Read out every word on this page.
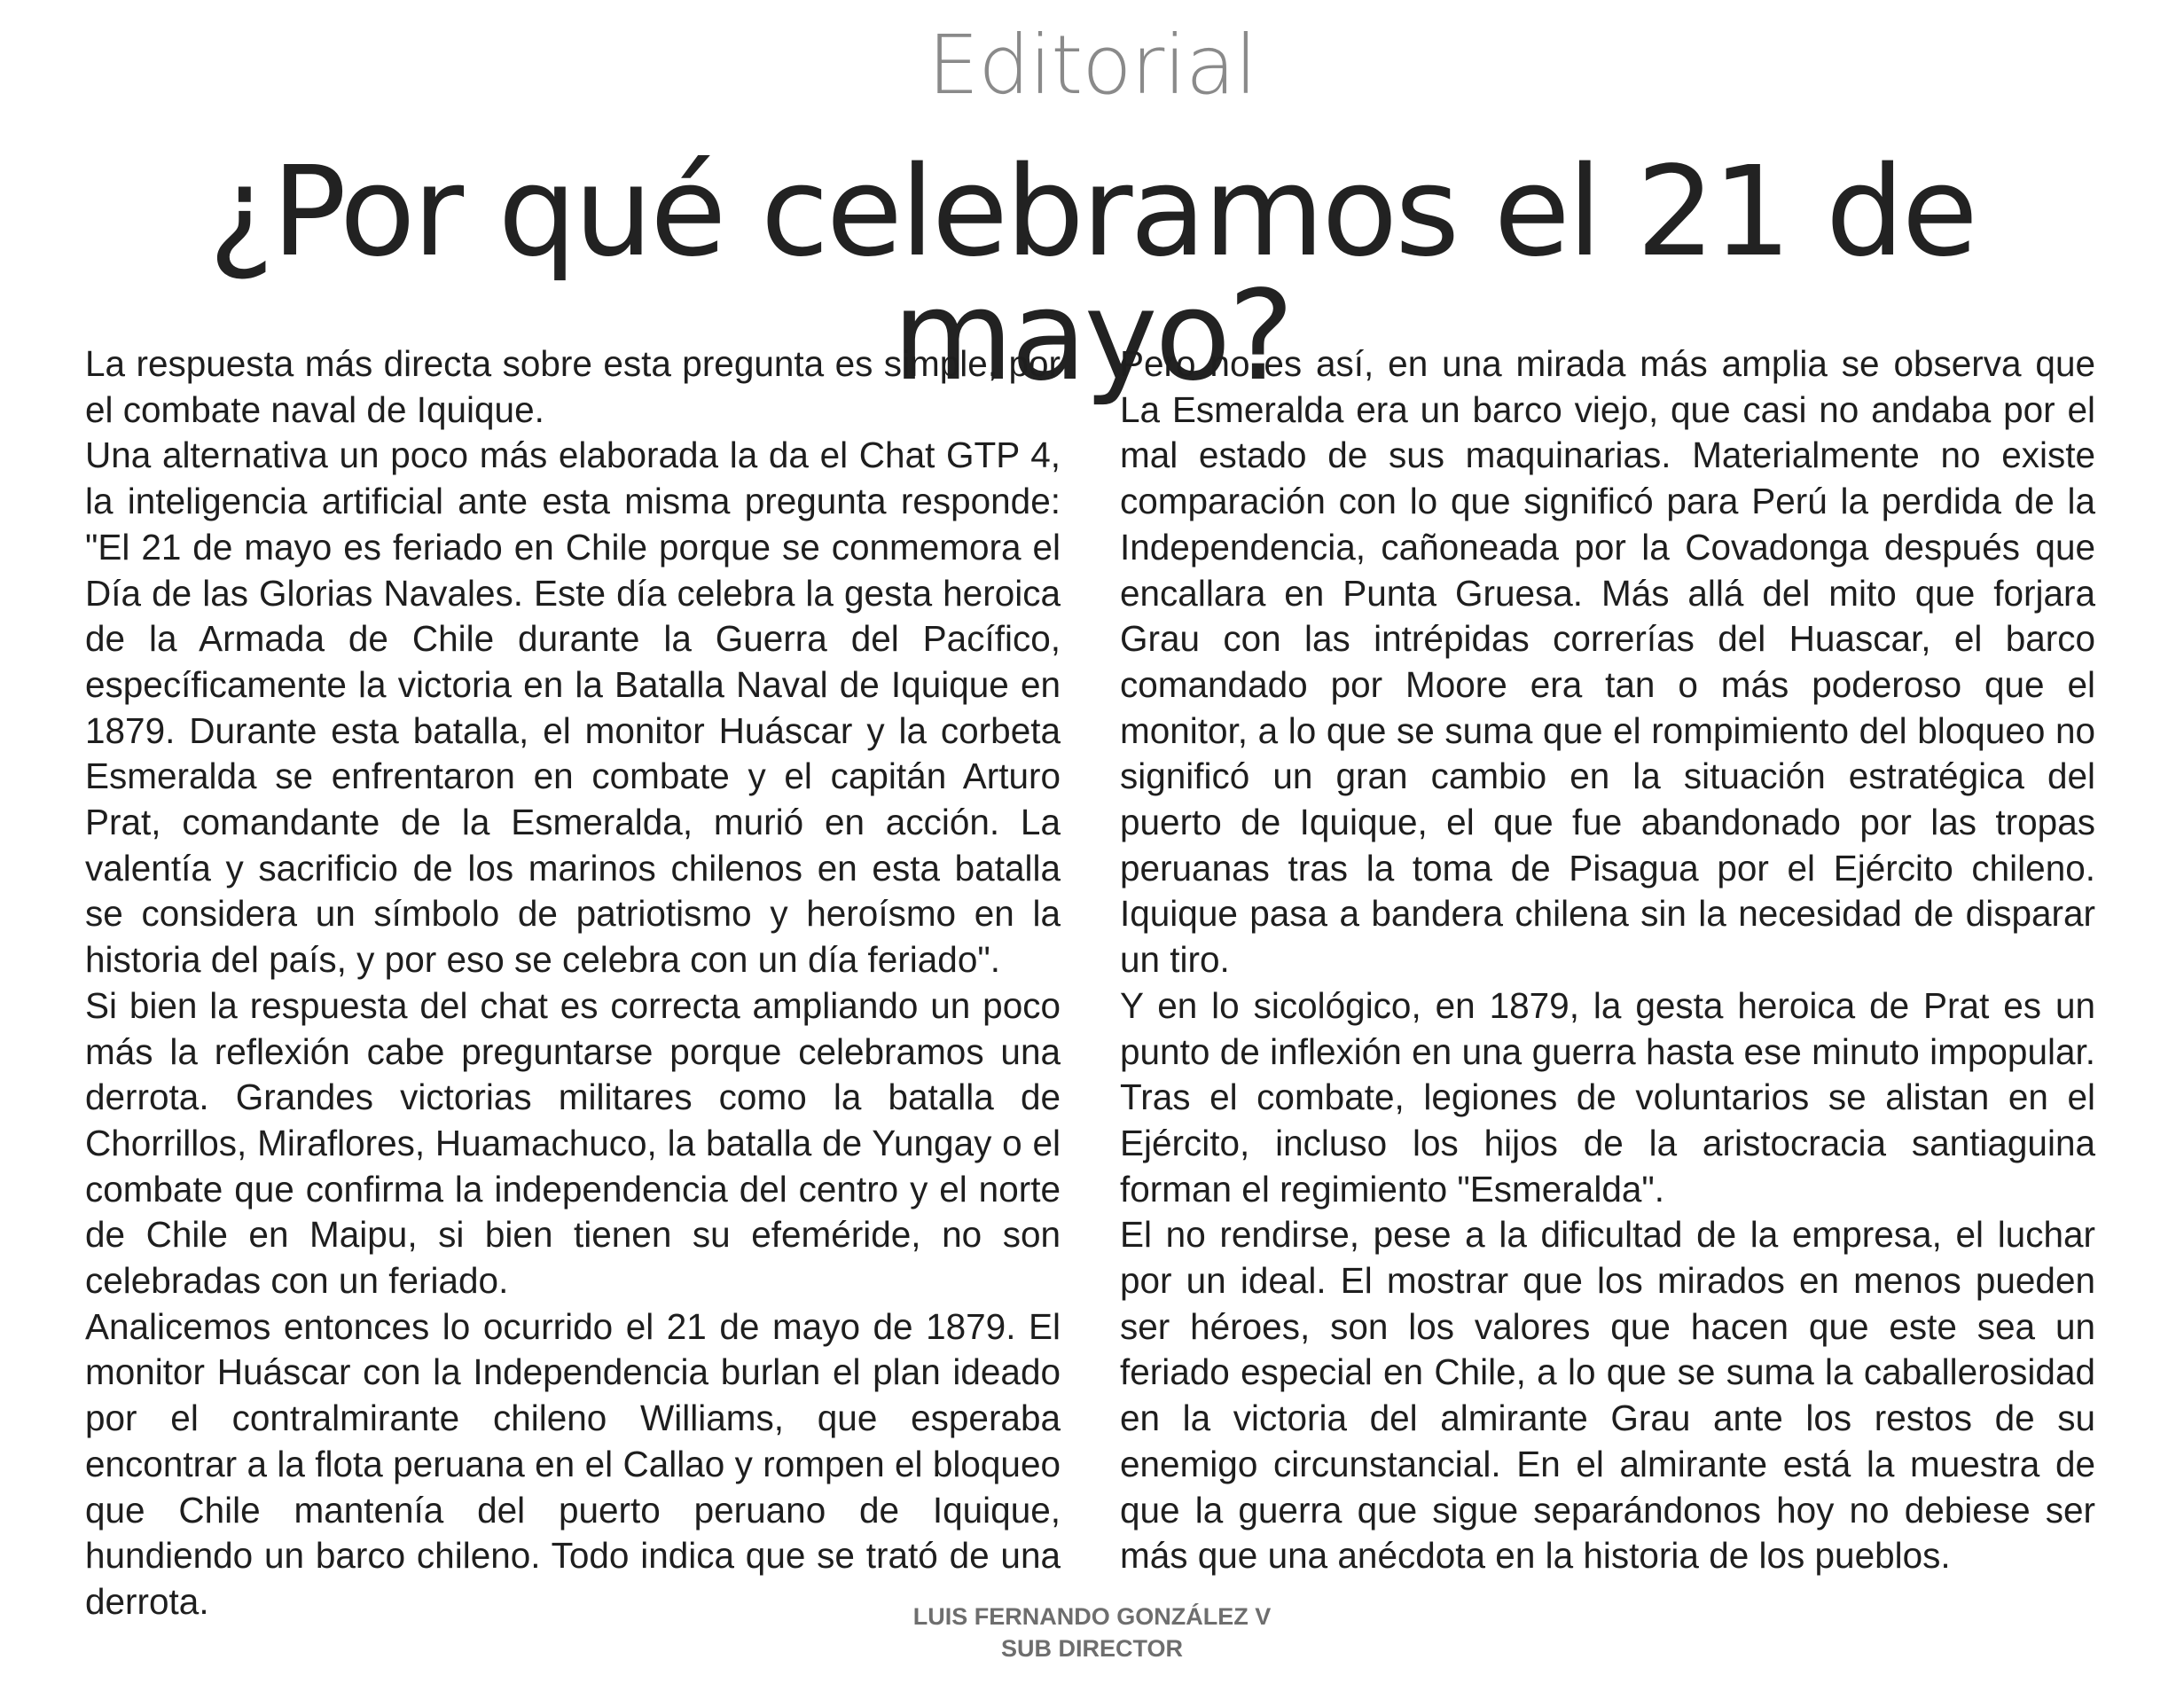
Editorial
¿Por qué celebramos el 21 de mayo?

La respuesta más directa sobre esta pregunta es simple, por el combate naval de Iquique.

Una alternativa un poco más elaborada la da el Chat GTP 4, la inteligencia artificial ante esta misma pregunta responde: "El 21 de mayo es feriado en Chile porque se conmemora el Día de las Glorias Navales. Este día celebra la gesta heroica de la Armada de Chile durante la Guerra del Pacífico, específicamente la victoria en la Batalla Naval de Iquique en 1879. Durante esta batalla, el monitor Huáscar y la corbeta Esmeralda se enfrentaron en combate y el capitán Arturo Prat, comandante de la Esmeralda, murió en acción. La valentía y sacrificio de los marinos chilenos en esta batalla se considera un símbolo de patriotismo y heroísmo en la historia del país, y por eso se celebra con un día feriado".

Si bien la respuesta del chat es correcta ampliando un poco más la reflexión cabe preguntarse porque celebramos una derrota. Grandes victorias militares como la batalla de Chorrillos, Miraflores, Huamachuco, la batalla de Yungay o el combate que confirma la independencia del centro y el norte de Chile en Maipu, si bien tienen su efeméride, no son celebradas con un feriado.

Analicemos entonces lo ocurrido el 21 de mayo de 1879. El monitor Huáscar con la Independencia burlan el plan ideado por el contralmirante chileno Williams, que esperaba encontrar a la flota peruana en el Callao y rompen el bloqueo que Chile mantenía del puerto peruano de Iquique, hundiendo un barco chileno. Todo indica que se trató de una derrota.

Pero no es así, en una mirada más amplia se observa que La Esmeralda era un barco viejo, que casi no andaba por el mal estado de sus maquinarias. Materialmente no existe comparación con lo que significó para Perú la perdida de la Independencia, cañoneada por la Covadonga después que encallara en Punta Gruesa. Más allá del mito que forjara Grau con las intrépidas correrías del Huascar, el barco comandado por Moore era tan o más poderoso que el monitor, a lo que se suma que el rompimiento del bloqueo no significó un gran cambio en la situación estratégica del puerto de Iquique, el que fue abandonado por las tropas peruanas tras la toma de Pisagua por el Ejército chileno. Iquique pasa a bandera chilena sin la necesidad de disparar un tiro.

Y en lo sicológico, en 1879, la gesta heroica de Prat es un punto de inflexión en una guerra hasta ese minuto impopular. Tras el combate, legiones de voluntarios se alistan en el Ejército, incluso los hijos de la aristocracia santiaguina forman el regimiento "Esmeralda".

El no rendirse, pese a la dificultad de la empresa, el luchar por un ideal. El mostrar que los mirados en menos pueden ser héroes, son los valores que hacen que este sea un feriado especial en Chile, a lo que se suma la caballerosidad en la victoria del almirante Grau ante los restos de su enemigo circunstancial. En el almirante está la muestra de que la guerra que sigue separándonos hoy no debiese ser más que una anécdota en la historia de los pueblos.

LUIS FERNANDO GONZÁLEZ V
SUB DIRECTOR
